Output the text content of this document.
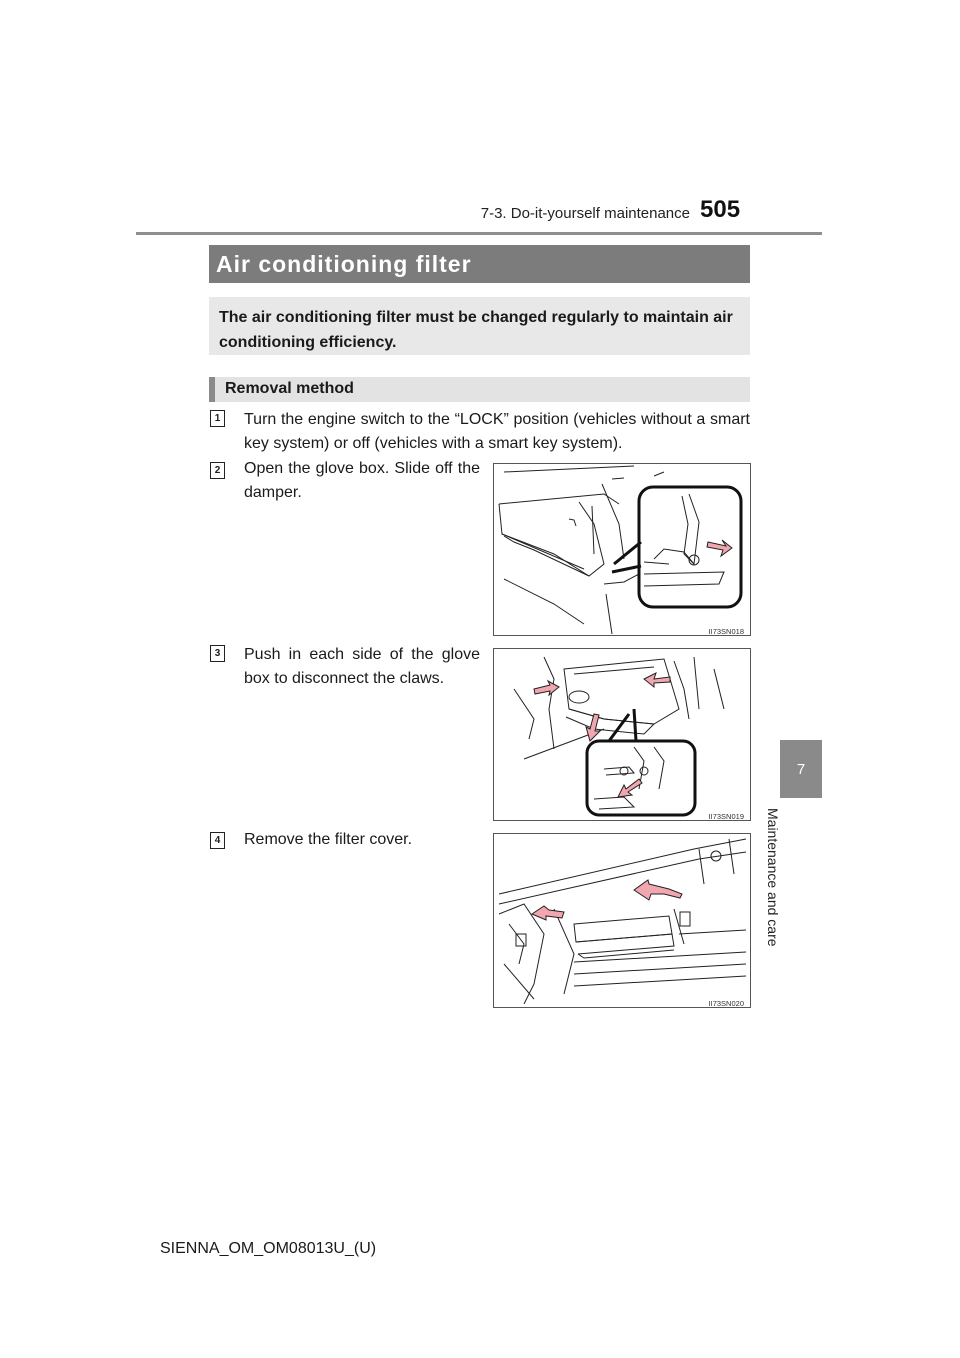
7-3. Do-it-yourself maintenance 505
7
Maintenance and care
Air conditioning filter
The air conditioning filter must be changed regularly to maintain air conditioning efficiency.
Removal method
1 Turn the engine switch to the “LOCK” position (vehicles without a smart key system) or off (vehicles with a smart key system).
2 Open the glove box. Slide off the damper.
II73SN018
3 Push in each side of the glove box to disconnect the claws.
II73SN019
4 Remove the filter cover.
II73SN020
SIENNA_OM_OM08013U_(U)
